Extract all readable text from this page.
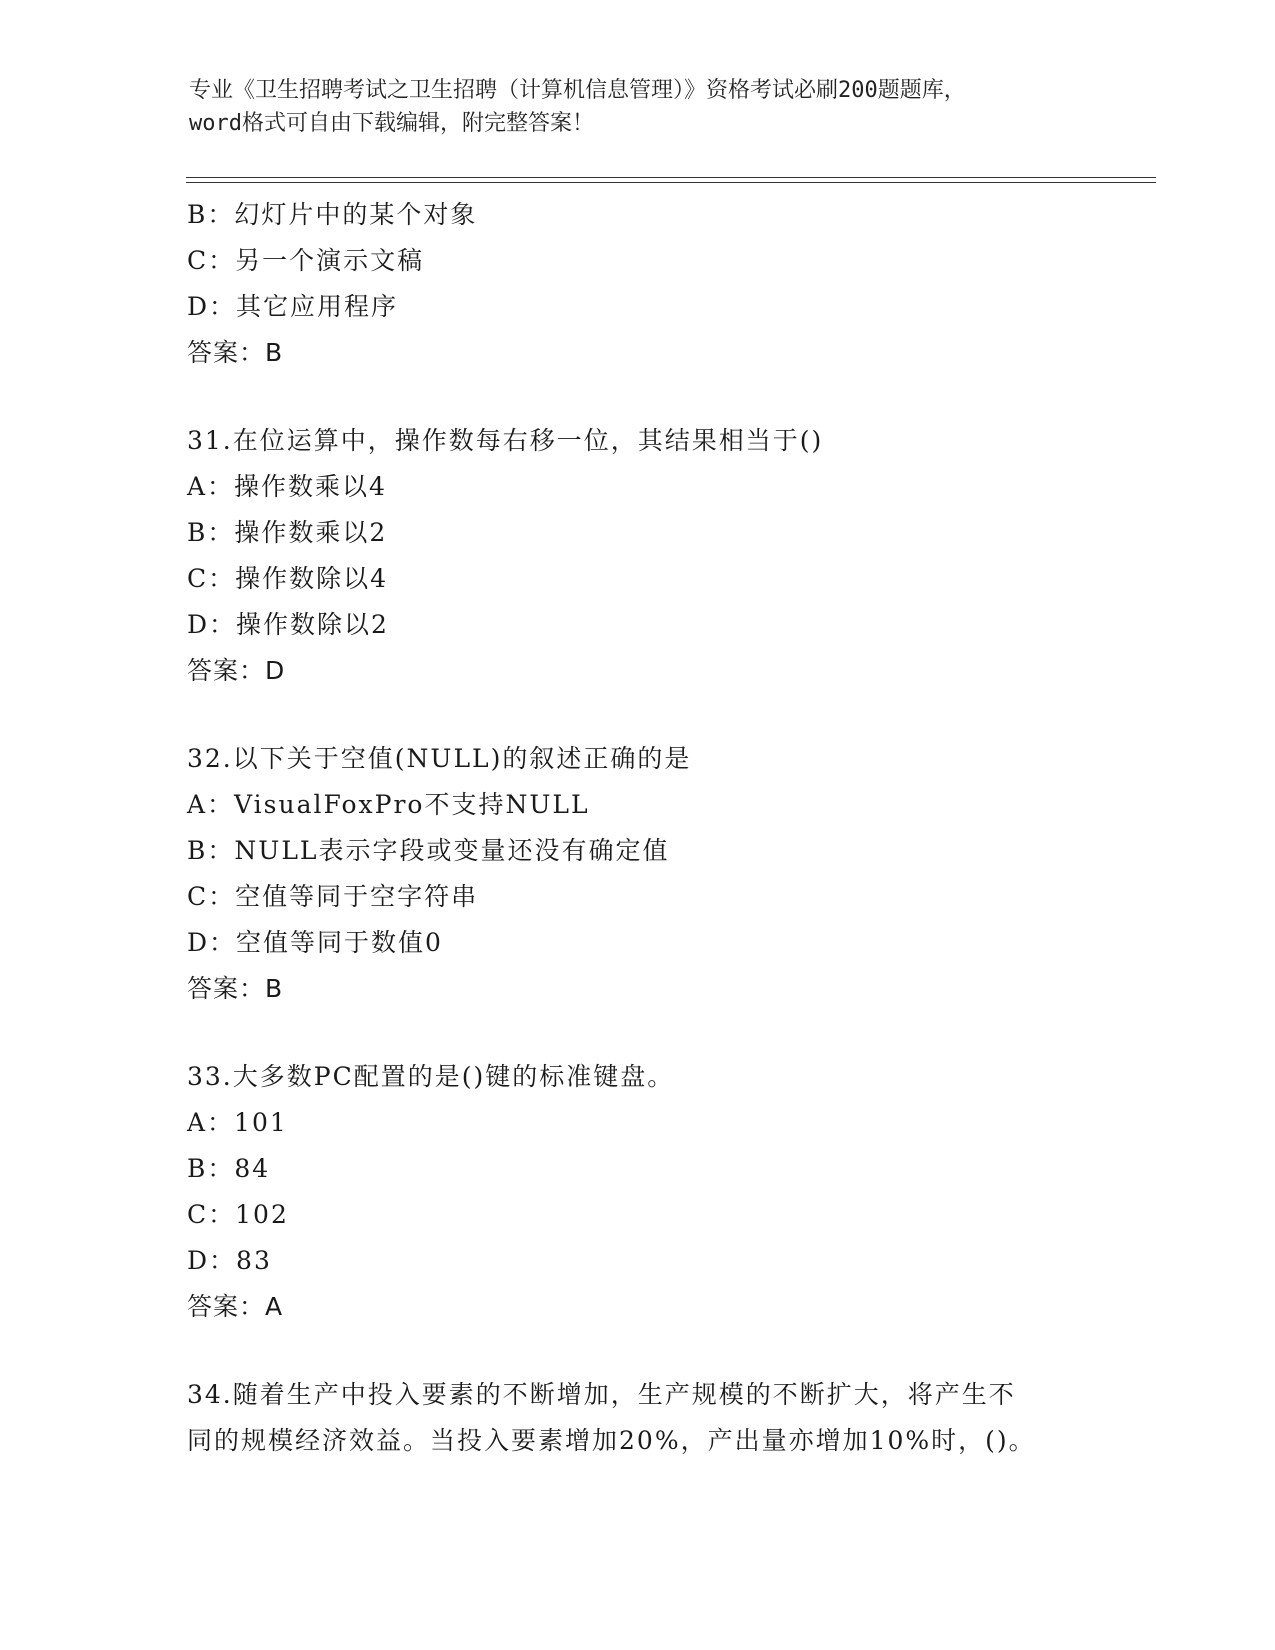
专业《卫生招聘考试之卫生招聘（计算机信息管理）》资格考试必刷200题题库，
word格式可自由下载编辑，附完整答案！
B：幻灯片中的某个对象
C：另一个演示文稿
D：其它应用程序
答案：B
31.在位运算中，操作数每右移一位，其结果相当于()
A：操作数乘以4
B：操作数乘以2
C：操作数除以4
D：操作数除以2
答案：D
32.以下关于空值(NULL)的叙述正确的是
A：VisualFoxPro不支持NULL
B：NULL表示字段或变量还没有确定值
C：空值等同于空字符串
D：空值等同于数值0
答案：B
33.大多数PC配置的是()键的标准键盘。
A：101
B：84
C：102
D：83
答案：A
34.随着生产中投入要素的不断增加，生产规模的不断扩大，将产生不
同的规模经济效益。当投入要素增加20%，产出量亦增加10%时，()。
